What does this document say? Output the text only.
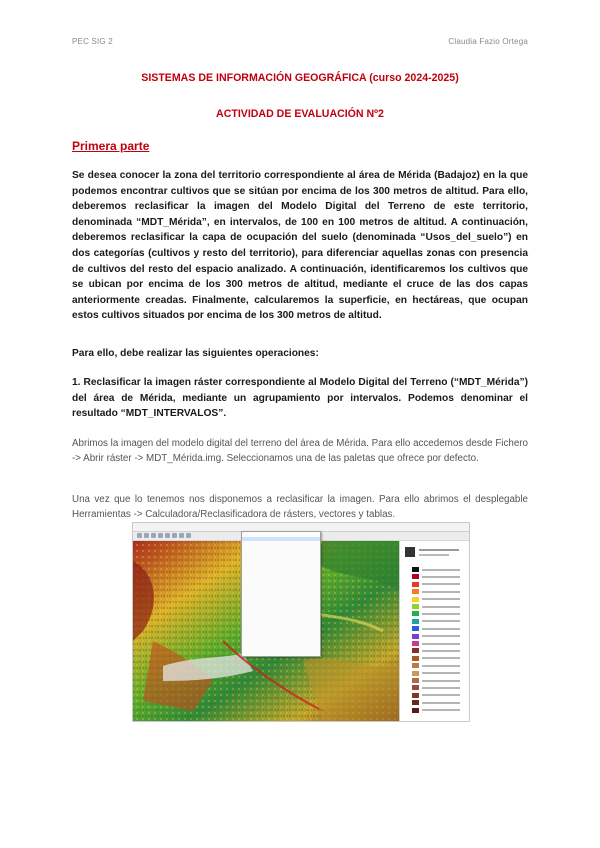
PEC SIG 2	Claudia Fazio Ortega
SISTEMAS DE INFORMACIÓN GEOGRÁFICA (curso 2024-2025)
ACTIVIDAD DE EVALUACIÓN Nº2
Primera parte

Se desea conocer la zona del territorio correspondiente al área de Mérida (Badajoz) en la que podemos encontrar cultivos que se sitúan por encima de los 300 metros de altitud. Para ello, deberemos reclasificar la imagen del Modelo Digital del Terreno de este territorio, denominada “MDT_Mérida”, en intervalos, de 100 en 100 metros de altitud. A continuación, deberemos reclasificar la capa de ocupación del suelo (denominada “Usos_del_suelo”) en dos categorías (cultivos y resto del territorio), para diferenciar aquellas zonas con presencia de cultivos del resto del espacio analizado. A continuación, identificaremos los cultivos que se ubican por encima de los 300 metros de altitud, mediante el cruce de las dos capas anteriormente creadas. Finalmente, calcularemos la superficie, en hectáreas, que ocupan estos cultivos situados por encima de los 300 metros de altitud.

Para ello, debe realizar las siguientes operaciones:

1. Reclasificar la imagen ráster correspondiente al Modelo Digital del Terreno (“MDT_Mérida”) del área de Mérida, mediante un agrupamiento por intervalos. Podemos denominar el resultado “MDT_INTERVALOS”.

Abrimos la imagen del modelo digital del terreno del área de Mérida. Para ello accedemos desde Fichero -> Abrir ráster -> MDT_Mérida.img. Seleccionamos una de las paletas que ofrece por defecto.

Una vez que lo tenemos nos disponemos a reclasificar la imagen. Para ello abrimos el desplegable Herramientas -> Calculadora/Reclasificadora de rásters, vectores y tablas.
